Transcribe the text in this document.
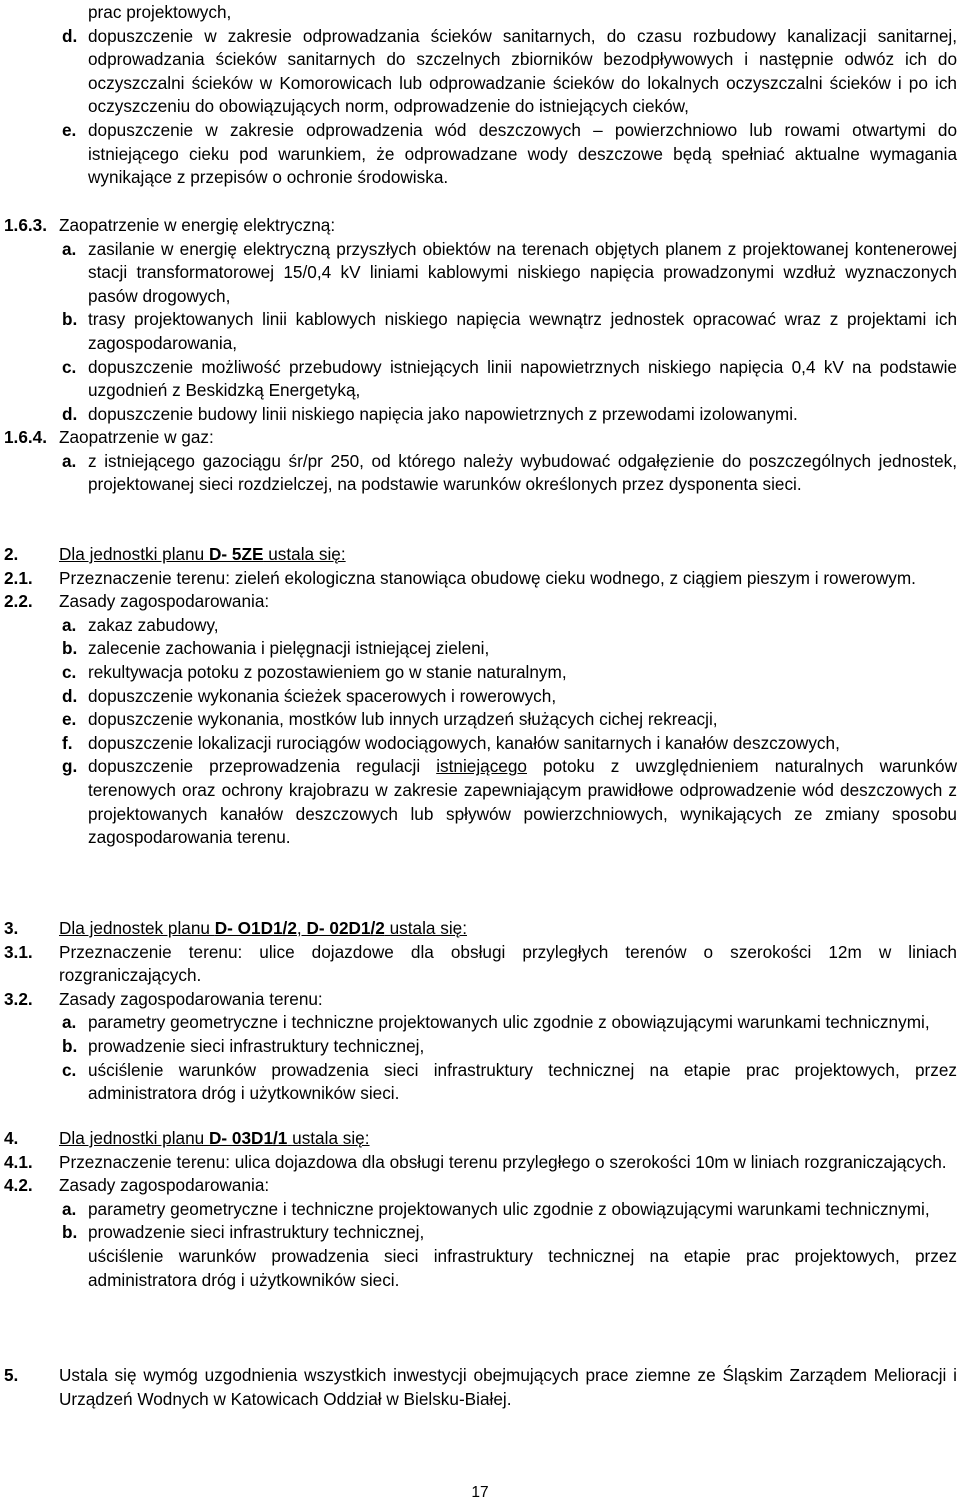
prac projektowych,
d. dopuszczenie w zakresie odprowadzania ścieków sanitarnych, do czasu rozbudowy kanalizacji sanitarnej, odprowadzania ścieków sanitarnych do szczelnych zbiorników bezodpływowych i następnie odwóz ich do oczyszczalni ścieków w Komorowicach lub odprowadzanie ścieków do lokalnych oczyszczalni ścieków i po ich oczyszczeniu do obowiązujących norm, odprowadzenie do istniejących cieków,
e. dopuszczenie w zakresie odprowadzenia wód deszczowych – powierzchniowo lub rowami otwartymi do istniejącego cieku pod warunkiem, że odprowadzane wody deszczowe będą spełniać aktualne wymagania wynikające z przepisów o ochronie środowiska.
1.6.3. Zaopatrzenie w energię elektryczną:
a. zasilanie w energię elektryczną przyszłych obiektów na terenach objętych planem z projektowanej kontenerowej stacji transformatorowej 15/0,4 kV liniami kablowymi niskiego napięcia prowadzonymi wzdłuż wyznaczonych pasów drogowych,
b. trasy projektowanych linii kablowych niskiego napięcia wewnątrz jednostek opracować wraz z projektami ich zagospodarowania,
c. dopuszczenie możliwość przebudowy istniejących linii napowietrznych niskiego napięcia 0,4 kV na podstawie uzgodnień z Beskidzką Energetyką,
d. dopuszczenie budowy linii niskiego napięcia jako napowietrznych z przewodami izolowanymi.
1.6.4. Zaopatrzenie w gaz:
a. z istniejącego gazociągu śr/pr 250, od którego należy wybudować odgałęzienie do poszczególnych jednostek, projektowanej sieci rozdzielczej, na podstawie warunków określonych przez dysponenta sieci.
2. Dla jednostki planu D- 5ZE ustala się:
2.1. Przeznaczenie terenu: zieleń ekologiczna stanowiąca obudowę cieku wodnego, z ciągiem pieszym i rowerowym.
2.2. Zasady zagospodarowania:
a. zakaz zabudowy,
b. zalecenie zachowania i pielęgnacji istniejącej zieleni,
c. rekultywacja potoku z pozostawieniem go w stanie naturalnym,
d. dopuszczenie wykonania ścieżek spacerowych i rowerowych,
e. dopuszczenie wykonania, mostków lub innych urządzeń służących cichej rekreacji,
f. dopuszczenie lokalizacji rurociągów wodociągowych, kanałów sanitarnych i kanałów deszczowych,
g. dopuszczenie przeprowadzenia regulacji istniejącego potoku z uwzględnieniem naturalnych warunków terenowych oraz ochrony krajobrazu w zakresie zapewniającym prawidłowe odprowadzenie wód deszczowych z projektowanych kanałów deszczowych lub spływów powierzchniowych, wynikających ze zmiany sposobu zagospodarowania terenu.
3. Dla jednostek planu D- O1D1/2, D- 02D1/2 ustala się:
3.1. Przeznaczenie terenu: ulice dojazdowe dla obsługi przyległych terenów o szerokości 12m w liniach rozgraniczających.
3.2. Zasady zagospodarowania terenu:
a. parametry geometryczne i techniczne projektowanych ulic zgodnie z obowiązującymi warunkami technicznymi,
b. prowadzenie sieci infrastruktury technicznej,
c. uściślenie warunków prowadzenia sieci infrastruktury technicznej na etapie prac projektowych, przez administratora dróg i użytkowników sieci.
4. Dla jednostki planu D- 03D1/1 ustala się:
4.1. Przeznaczenie terenu: ulica dojazdowa dla obsługi terenu przyległego o szerokości 10m w liniach rozgraniczających.
4.2. Zasady zagospodarowania:
a. parametry geometryczne i techniczne projektowanych ulic zgodnie z obowiązującymi warunkami technicznymi,
b. prowadzenie sieci infrastruktury technicznej,
uściślenie warunków prowadzenia sieci infrastruktury technicznej na etapie prac projektowych, przez administratora dróg i użytkowników sieci.
5. Ustala się wymóg uzgodnienia wszystkich inwestycji obejmujących prace ziemne ze Śląskim Zarządem Melioracji i Urządzeń Wodnych w Katowicach Oddział w Bielsku-Białej.
17
